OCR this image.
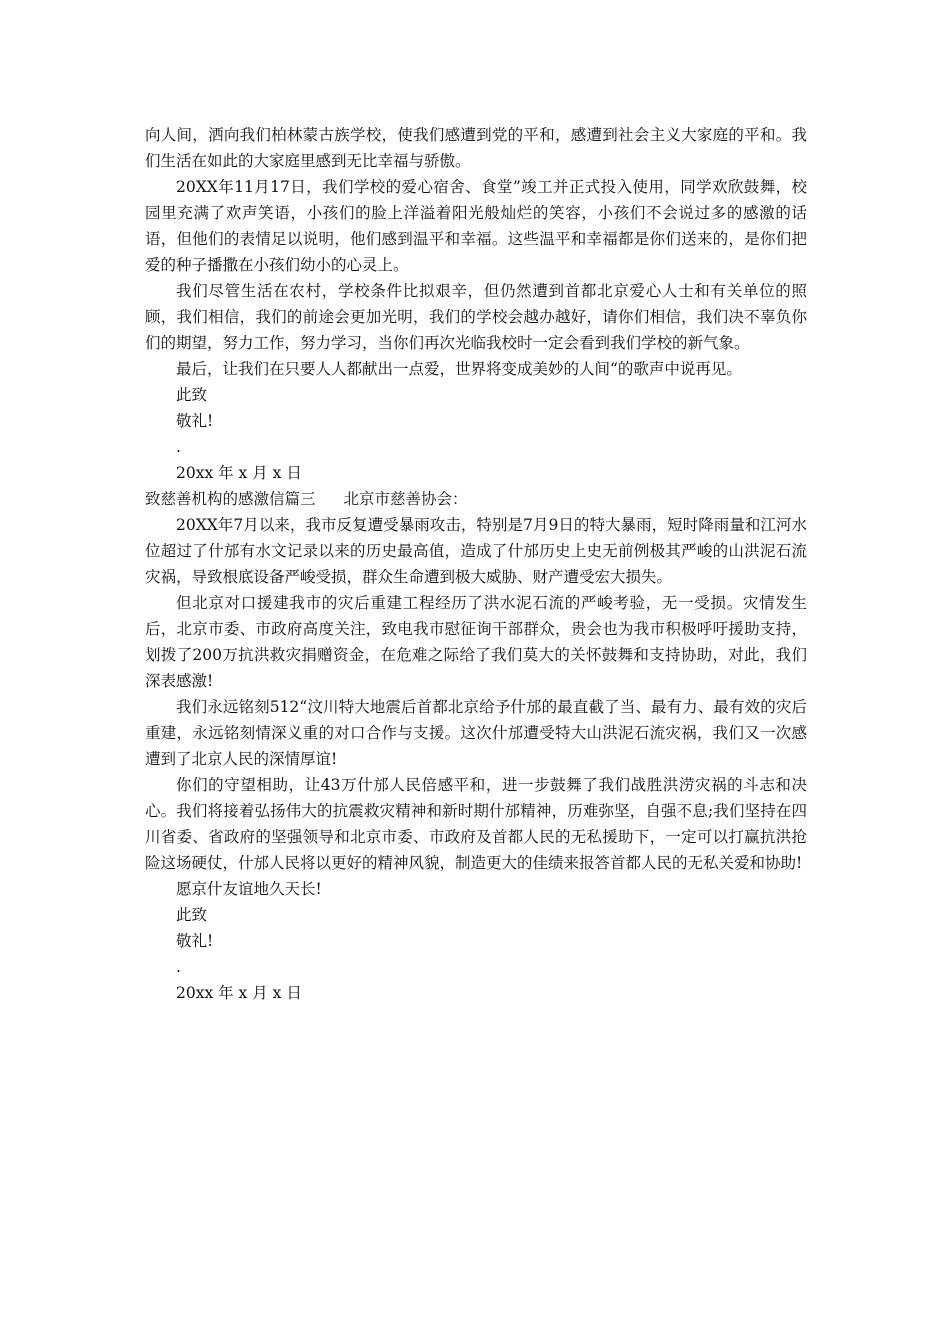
向人间，洒向我们柏林蒙古族学校，使我们感遭到党的平和，感遭到社会主义大家庭的平和。我们生活在如此的大家庭里感到无比幸福与骄傲。

20XX年11月17日，我们学校的爱心宿舍、食堂”竣工并正式投入使用，同学欢欣鼓舞，校园里充满了欢声笑语，小孩们的脸上洋溢着阳光般灿烂的笑容，小孩们不会说过多的感激的话语，但他们的表情足以说明，他们感到温平和幸福。这些温平和幸福都是你们送来的，是你们把爱的种子播撒在小孩们幼小的心灵上。

我们尽管生活在农村，学校条件比拟艰辛，但仍然遭到首都北京爱心人士和有关单位的照顾，我们相信，我们的前途会更加光明，我们的学校会越办越好，请你们相信，我们决不辜负你们的期望，努力工作，努力学习，当你们再次光临我校时一定会看到我们学校的新气象。

最后，让我们在只要人人都献出一点爱，世界将变成美妙的人间“的歌声中说再见。

此致

敬礼!

.

20xx 年 x 月 x 日

致慈善机构的感激信篇三 北京市慈善协会：

20XX年7月以来，我市反复遭受暴雨攻击，特别是7月9日的特大暴雨，短时降雨量和江河水位超过了什邡有水文记录以来的历史最高值，造成了什邡历史上史无前例极其严峻的山洪泥石流灾祸，导致根底设备严峻受损，群众生命遭到极大威胁、财产遭受宏大损失。

但北京对口援建我市的灾后重建工程经历了洪水泥石流的严峻考验，无一受损。灾情发生后，北京市委、市政府高度关注，致电我市慰征询干部群众，贵会也为我市积极呼吁援助支持，划拨了200万抗洪救灾捐赠资金，在危难之际给了我们莫大的关怀鼓舞和支持协助，对此，我们深表感激!

我们永远铭刻512“汶川特大地震后首都北京给予什邡的最直截了当、最有力、最有效的灾后重建，永远铭刻情深义重的对口合作与支援。这次什邡遭受特大山洪泥石流灾祸，我们又一次感遭到了北京人民的深情厚谊!

你们的守望相助，让43万什邡人民倍感平和，进一步鼓舞了我们战胜洪涝灾祸的斗志和决心。我们将接着弘扬伟大的抗震救灾精神和新时期什邡精神，历难弥坚，自强不息;我们坚持在四川省委、省政府的坚强领导和北京市委、市政府及首都人民的无私援助下，一定可以打赢抗洪抢险这场硬仗，什邡人民将以更好的精神风貌，制造更大的佳绩来报答首都人民的无私关爱和协助!

愿京什友谊地久天长!

此致

敬礼!

.

20xx 年 x 月 x 日
